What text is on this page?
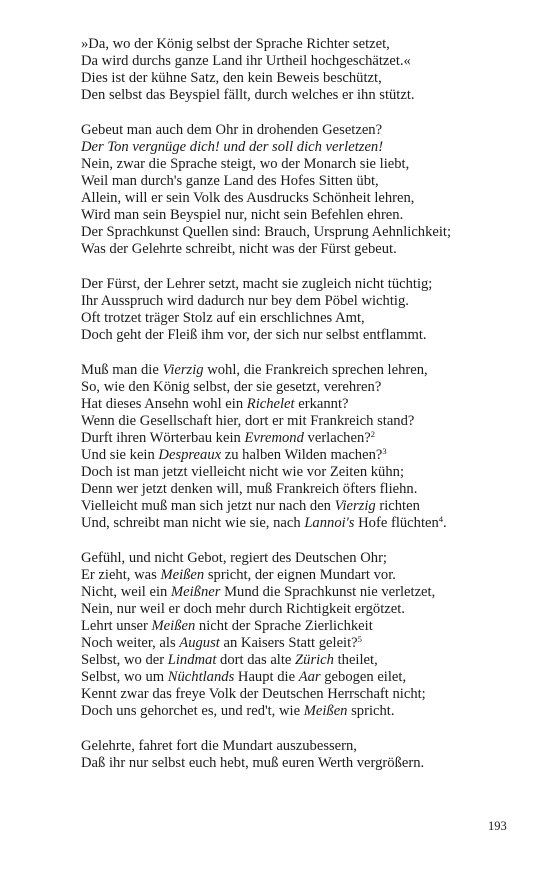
»Da, wo der König selbst der Sprache Richter setzet,
Da wird durchs ganze Land ihr Urtheil hochgeschätzet.«
Dies ist der kühne Satz, den kein Beweis beschützt,
Den selbst das Beyspiel fällt, durch welches er ihn stützt.
Gebeut man auch dem Ohr in drohenden Gesetzen?
Der Ton vergnüge dich! und der soll dich verletzen!
Nein, zwar die Sprache steigt, wo der Monarch sie liebt,
Weil man durch's ganze Land des Hofes Sitten übt,
Allein, will er sein Volk des Ausdrucks Schönheit lehren,
Wird man sein Beyspiel nur, nicht sein Befehlen ehren.
Der Sprachkunst Quellen sind: Brauch, Ursprung Aehnlichkeit;
Was der Gelehrte schreibt, nicht was der Fürst gebeut.
Der Fürst, der Lehrer setzt, macht sie zugleich nicht tüchtig;
Ihr Ausspruch wird dadurch nur bey dem Pöbel wichtig.
Oft trotzet träger Stolz auf ein erschlichnes Amt,
Doch geht der Fleiß ihm vor, der sich nur selbst entflammt.
Muß man die Vierzig wohl, die Frankreich sprechen lehren,
So, wie den König selbst, der sie gesetzt, verehren?
Hat dieses Ansehn wohl ein Richelet erkannt?
Wenn die Gesellschaft hier, dort er mit Frankreich stand?
Durft ihren Wörterbau kein Evremond verlachen?$^2$
Und sie kein Despreaux zu halben Wilden machen?$^3$
Doch ist man jetzt vielleicht nicht wie vor Zeiten kühn;
Denn wer jetzt denken will, muß Frankreich öfters fliehn.
Vielleicht muß man sich jetzt nur nach den Vierzig richten
Und, schreibt man nicht wie sie, nach Lannoi's Hofe flüchten$^4$.
Gefühl, und nicht Gebot, regiert des Deutschen Ohr;
Er zieht, was Meißen spricht, der eignen Mundart vor.
Nicht, weil ein Meißner Mund die Sprachkunst nie verletzet,
Nein, nur weil er doch mehr durch Richtigkeit ergötzet.
Lehrt unser Meißen nicht der Sprache Zierlichkeit
Noch weiter, als August an Kaisers Statt geleit?$^5$
Selbst, wo der Lindmat dort das alte Zürich theilet,
Selbst, wo um Nüchtlands Haupt die Aar gebogen eilet,
Kennt zwar das freye Volk der Deutschen Herrschaft nicht;
Doch uns gehorchet es, und red't, wie Meißen spricht.
Gelehrte, fahret fort die Mundart auszubessern,
Daß ihr nur selbst euch hebt, muß euren Werth vergrößern.
193
